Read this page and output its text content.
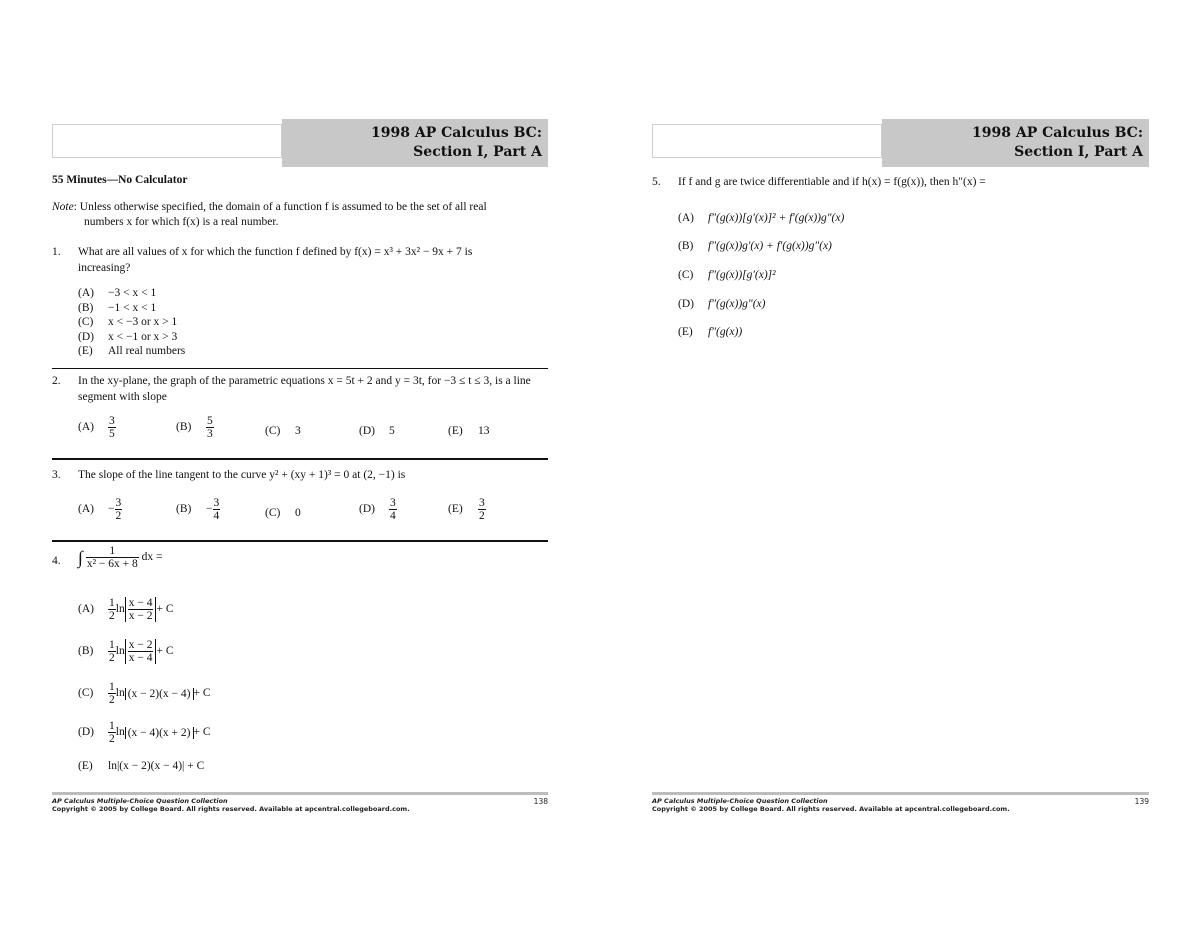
1998 AP Calculus BC:
Section I, Part A
55 Minutes—No Calculator
Note: Unless otherwise specified, the domain of a function f is assumed to be the set of all real
numbers x for which f(x) is a real number.
1. What are all values of x for which the function f defined by f(x) = x³ + 3x² − 9x + 7 is
increasing?
(A) −3 < x < 1
(B) −1 < x < 1
(C) x < −3 or x > 1
(D) x < −1 or x > 3
(E) All real numbers
2. In the xy-plane, the graph of the parametric equations x = 5t + 2 and y = 3t, for −3 ≤ t ≤ 3, is a line
segment with slope
$(A) \frac{3}{5}$	$(B) \frac{5}{3}$	(C) 3	(D) 5	(E) 13
3. The slope of the line tangent to the curve y² + (xy + 1)³ = 0 at (2, −1) is
$(A) - \frac{3}{2}$	$(B) - \frac{3}{4}$	(C) 0	$(D) \frac{3}{4}$	$(E) \frac{3}{2}$
4. ∫ $\frac{1}{\text{x² − 6x + 8}}$ dx =
$(A) \frac{1}{2}$ $\ln \frac{x - 4}{x - 2} + C$
$(B) \frac{1}{2}$ $\ln \frac{x - 2}{x - 4} + C$
$(C) \frac{1}{2}$ ln (x − 2)(x − 4) + C
$(D) \frac{1}{2}$ ln (x − 4)(x + 2) + C
(E) ln|(x − 2)(x − 4)| + C
AP Calculus Multiple-Choice Question Collection
Copyright © 2005 by College Board. All rights reserved. Available at apcentral.collegeboard.com.
138
1998 AP Calculus BC:
Section I, Part A
5. If f and g are twice differentiable and if h(x) = f(g(x)), then h″(x) =
(A) f″(g(x))[g′(x)]² + f′(g(x))g″(x)
(B) f″(g(x))g′(x) + f′(g(x))g″(x)
(C) f″(g(x))[g′(x)]²
(D) f″(g(x))g″(x)
(E) f″(g(x))
AP Calculus Multiple-Choice Question Collection
Copyright © 2005 by College Board. All rights reserved. Available at apcentral.collegeboard.com.
139
